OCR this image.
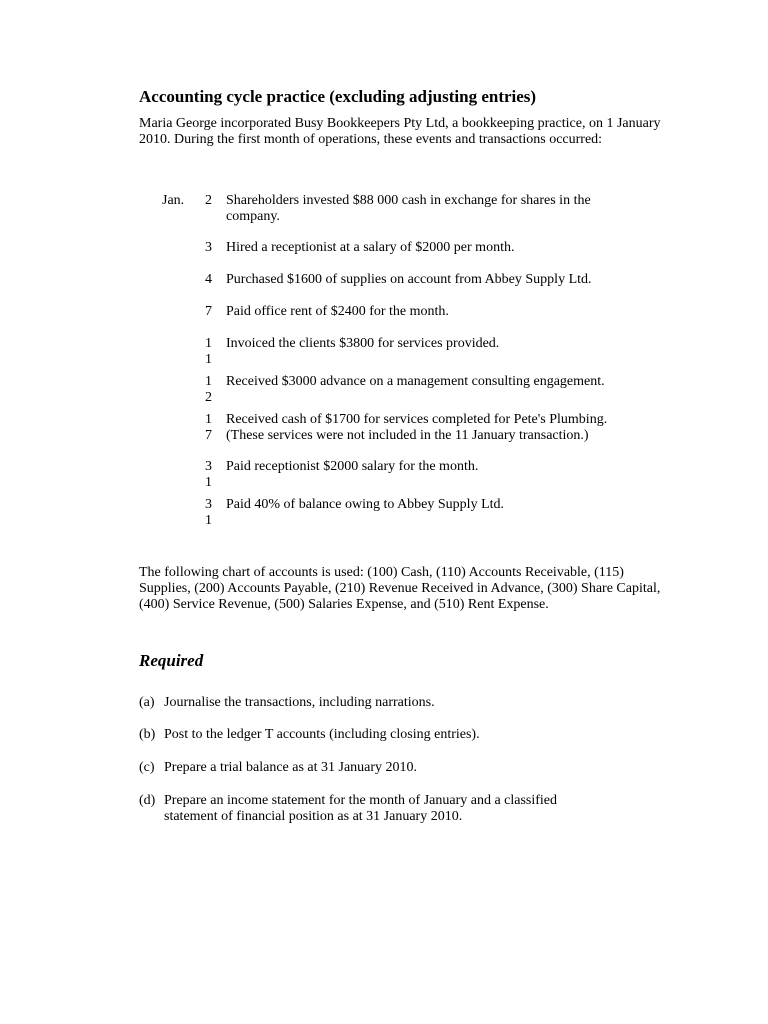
Accounting cycle practice (excluding adjusting entries)

Maria George incorporated Busy Bookkeepers Pty Ltd, a bookkeeping practice, on 1 January 2010. During the first month of operations, these events and transactions occurred:

Jan. 2 Shareholders invested $88 000 cash in exchange for shares in the company.
3 Hired a receptionist at a salary of $2000 per month.
4 Purchased $1600 of supplies on account from Abbey Supply Ltd.
7 Paid office rent of $2400 for the month.
11
Invoiced the clients $3800 for services provided.
12
Received $3000 advance on a management consulting engagement.
17
Received cash of $1700 for services completed for Pete's Plumbing. (These services were not included in the 11 January transaction.)
31
Paid receptionist $2000 salary for the month.
31
Paid 40% of balance owing to Abbey Supply Ltd.

The following chart of accounts is used: (100) Cash, (110) Accounts Receivable, (115) Supplies, (200) Accounts Payable, (210) Revenue Received in Advance, (300) Share Capital, (400) Service Revenue, (500) Salaries Expense, and (510) Rent Expense.

Required
(a) Journalise the transactions, including narrations.
(b) Post to the ledger T accounts (including closing entries).
(c) Prepare a trial balance as at 31 January 2010.
(d) Prepare an income statement for the month of January and a classified statement of financial position as at 31 January 2010.
